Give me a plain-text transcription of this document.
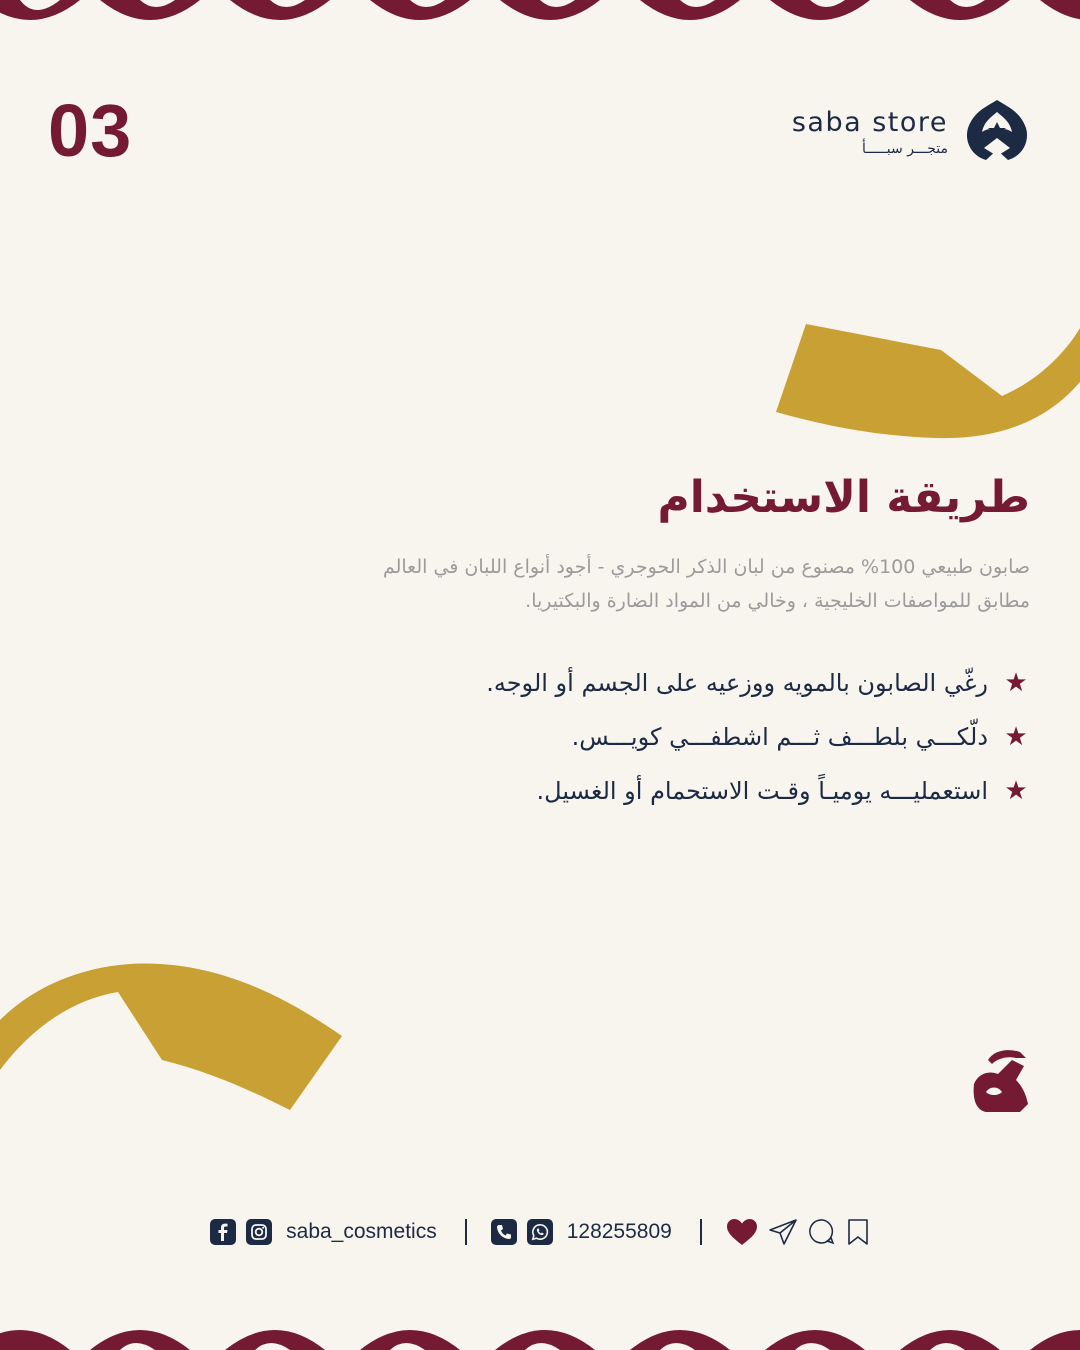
03	saba store
متجـــر سبـــــأ
طريقة الاستخدام
صابون طبيعي 100% مصنوع من لبان الذكر الحوجري - أجود أنواع اللبان في العالم
مطابق للمواصفات الخليجية ، وخالي من المواد الضارة والبكتيريا.
★
رغّي الصابون بالمويه ووزعيه على الجسم أو الوجه.
★
دلّكـــي بلطـــف ثـــم اشطفـــي كويـــس.
★
استعمليـــه يوميـاً وقـت الاستحمام أو الغسيل.
saba_cosmetics	128255809
